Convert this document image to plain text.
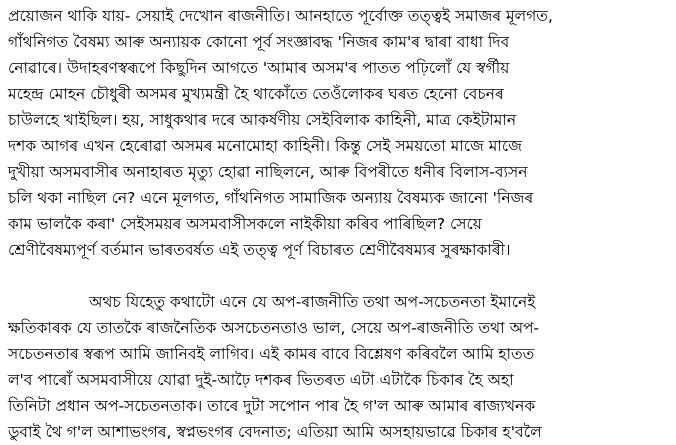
প্ৰয়োজন থাকি যায়- সেয়াই দেখোন ৰাজনীতি। আনহাতে পূৰ্বোক্ত তত্ত্বই সমাজৰ মূলগত,
গাঁথনিগত বৈষম্য আৰু অন্যায়ক কোনো পূৰ্ব সংজ্ঞাবদ্ধ 'নিজৰ কাম'ৰ দ্বাৰা বাধা দিব
নোৱাৰে। উদাহৰণস্বৰূপে কিছুদিন আগতে 'আমাৰ অসম'ৰ পাতত পঢ়িলোঁ যে স্বৰ্গীয়
মহেন্দ্ৰ মোহন চৌধুৰী অসমৰ মুখ্যমন্ত্ৰী হৈ থাকোঁতে তেওঁলোকৰ ঘৰত হেনো বেচনৰ
চাউলহে খাইছিল। হয়, সাধুকথাৰ দৰে আকৰ্ষণীয় সেইবিলাক কাহিনী, মাত্ৰ কেইটামান
দশক আগৰ এখন হেৰোৱা অসমৰ মনোমোহা কাহিনী। কিন্তু সেই সময়তো মাজে মাজে
দুখীয়া অসমবাসীৰ অনাহাৰত মৃত্যু হোৱা নাছিলনে, আৰু বিপৰীতে ধনীৰ বিলাস-ব্যসন
চলি থকা নাছিল নে? এনে মূলগত, গাঁথনিগত সামাজিক অন্যায় বৈষম্যক জানো 'নিজৰ
কাম ভালকৈ কৰা' সেইসময়ৰ অসমবাসীসকলে নাইকীয়া কৰিব পাৰিছিল? সেয়ে
শ্ৰেণীবৈষম্যপূৰ্ণ বৰ্তমান ভাৰতবৰ্ষত এই তত্ত্ব পূৰ্ণ বিচাৰত শ্ৰেণীবৈষম্যৰ সুৰক্ষাকাৰী।
অথচ যিহেতু কথাটো এনে যে অপ-ৰাজনীতি তথা অপ-সচেতনতা ইমানেই
ক্ষতিকাৰক যে তাতকৈ ৰাজনৈতিক অসচেতনতাও ভাল, সেয়ে অপ-ৰাজনীতি তথা অপ-
সচেতনতাৰ স্বৰূপ আমি জানিবই লাগিব। এই কামৰ বাবে বিশ্লেষণ কৰিবলৈ আমি হাতত
ল'ব পাৰোঁ অসমবাসীয়ে যোৱা দুই-আঢ়ৈ দশকৰ ভিতৰত এটা এটাকৈ চিকাৰ হৈ অহা
তিনিটা প্ৰধান অপ-সচেতনতাক। তাৰে দুটা সপোন পাৰ হৈ গ'ল আৰু আমাৰ ৰাজ্যখনক
ডুবাই থৈ গ'ল আশাভংগৰ, স্বপ্নভংগৰ বেদনাত; এতিয়া আমি অসহায়ভাৱে চিকাৰ হ'বলৈ
